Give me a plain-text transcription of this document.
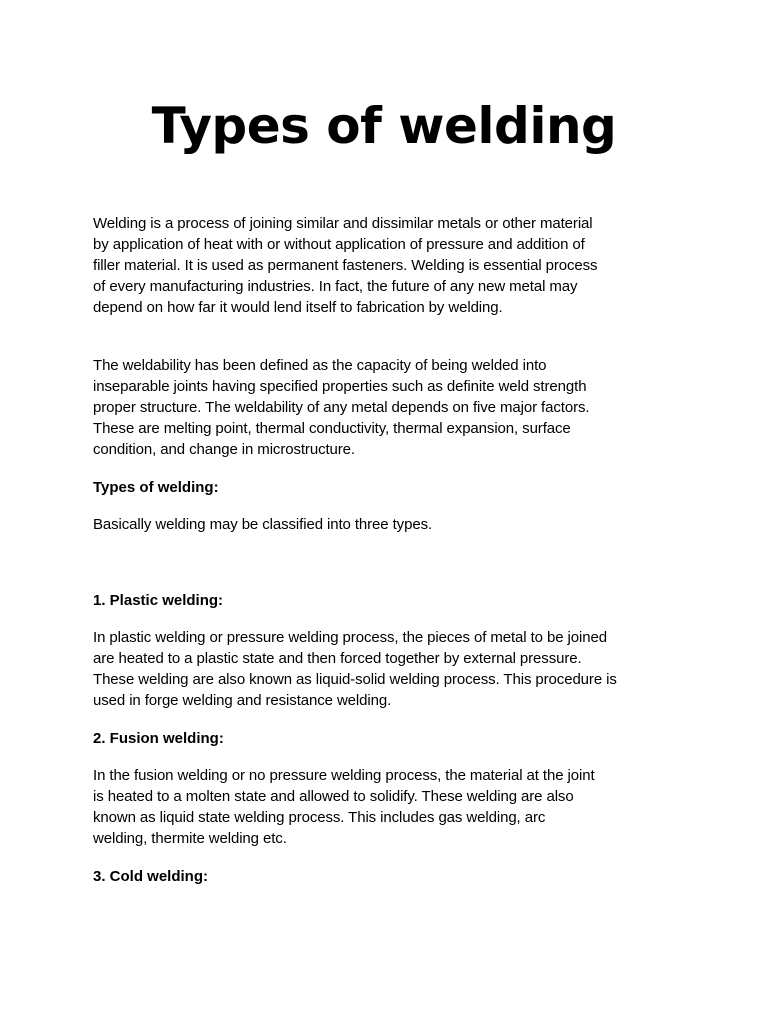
Types of welding

Welding is a process of joining similar and dissimilar metals or other material
by application of heat with or without application of pressure and addition of
filler material. It is used as permanent fasteners. Welding is essential process
of every manufacturing industries. In fact, the future of any new metal may
depend on how far it would lend itself to fabrication by welding.

The weldability has been defined as the capacity of being welded into
inseparable joints having specified properties such as definite weld strength
proper structure. The weldability of any metal depends on five major factors.
These are melting point, thermal conductivity, thermal expansion, surface
condition, and change in microstructure.

Types of welding:

Basically welding may be classified into three types.

1. Plastic welding:

In plastic welding or pressure welding process, the pieces of metal to be joined
are heated to a plastic state and then forced together by external pressure.
These welding are also known as liquid-solid welding process. This procedure is
used in forge welding and resistance welding.

2. Fusion welding:

In the fusion welding or no pressure welding process, the material at the joint
is heated to a molten state and allowed to solidify. These welding are also
known as liquid state welding process. This includes gas welding, arc
welding, thermite welding etc.

3. Cold welding:
